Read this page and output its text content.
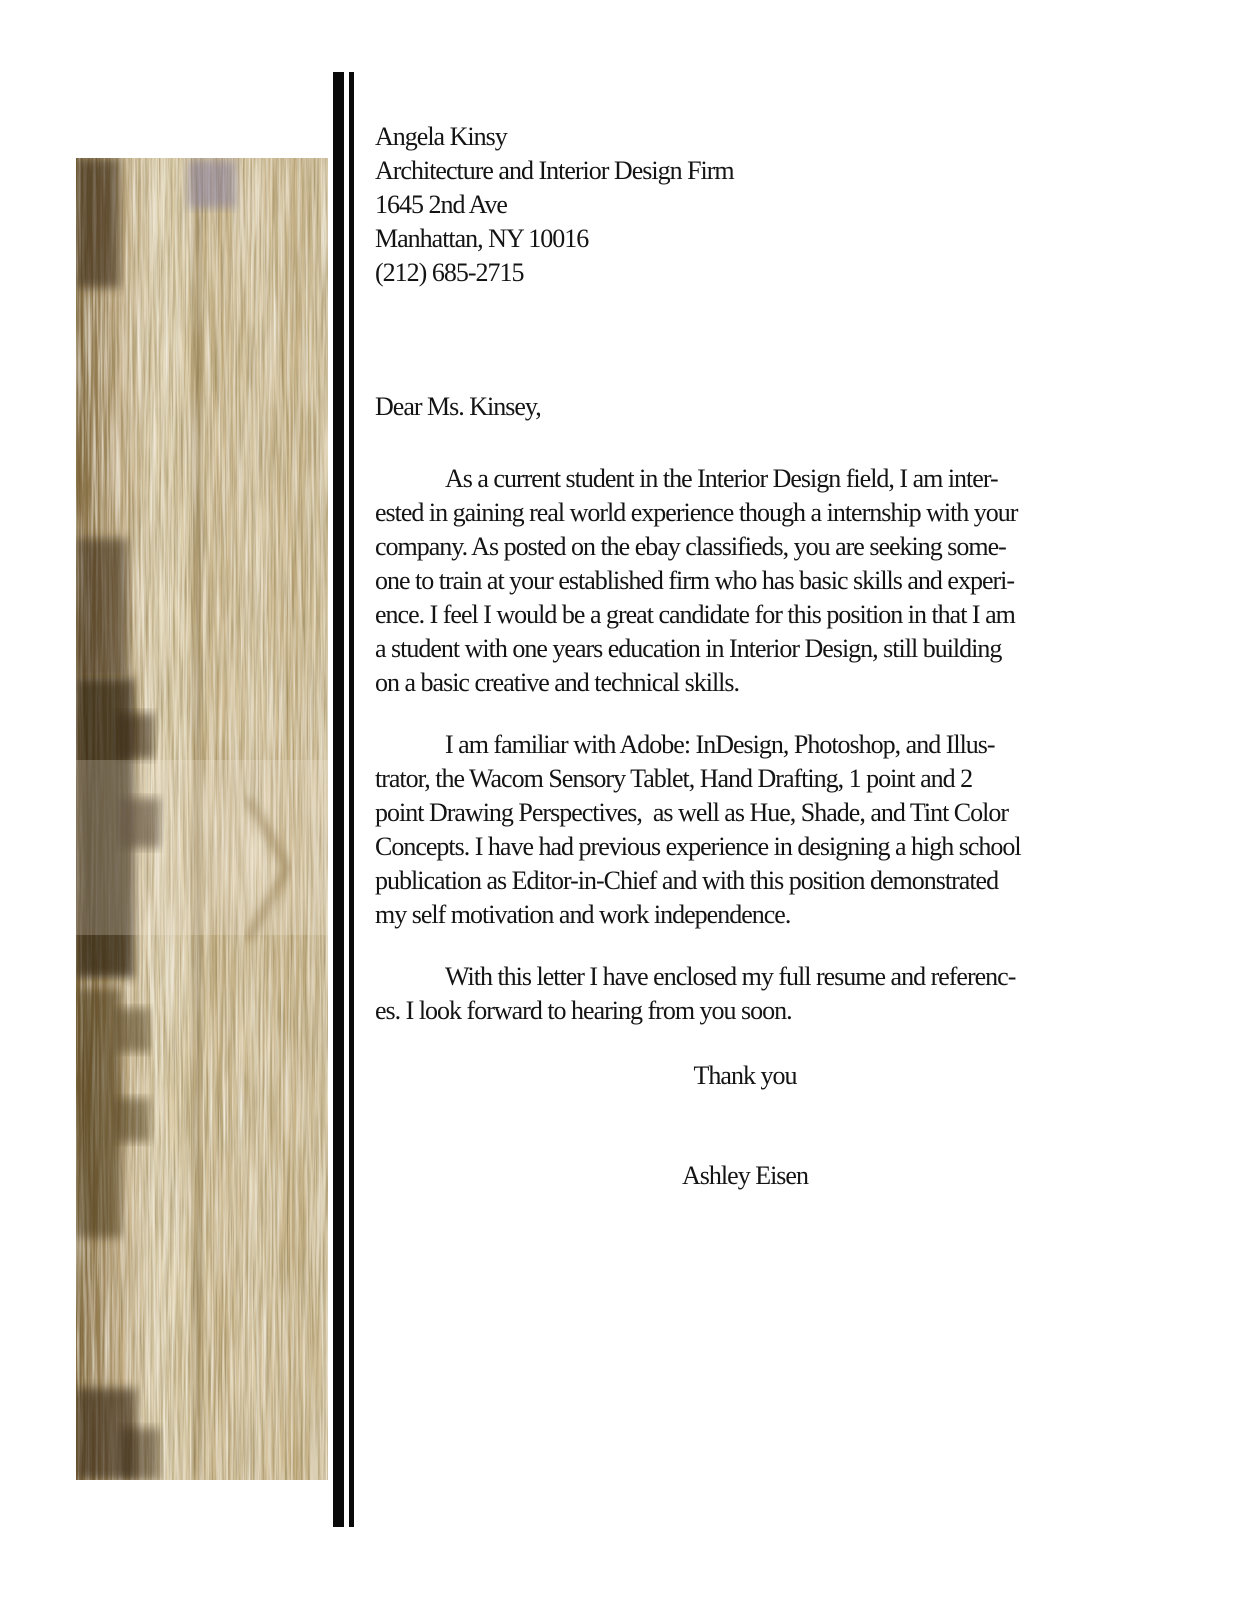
Angela Kinsy
Architecture and Interior Design Firm
1645 2nd Ave
Manhattan, NY 10016
(212) 685-2715
Dear Ms. Kinsey,
As a current student in the Interior Design field, I am inter-
ested in gaining real world experience though a internship with your
company. As posted on the ebay classifieds, you are seeking some-
one to train at your established firm who has basic skills and experi-
ence. I feel I would be a great candidate for this position in that I am
a student with one years education in Interior Design, still building
on a basic creative and technical skills.
I am familiar with Adobe: InDesign, Photoshop, and Illus-
trator, the Wacom Sensory Tablet, Hand Drafting, 1 point and 2
point Drawing Perspectives,  as well as Hue, Shade, and Tint Color
Concepts. I have had previous experience in designing a high school
publication as Editor-in-Chief and with this position demonstrated
my self motivation and work independence.
With this letter I have enclosed my full resume and referenc-
es. I look forward to hearing from you soon.
Thank you
Ashley Eisen
